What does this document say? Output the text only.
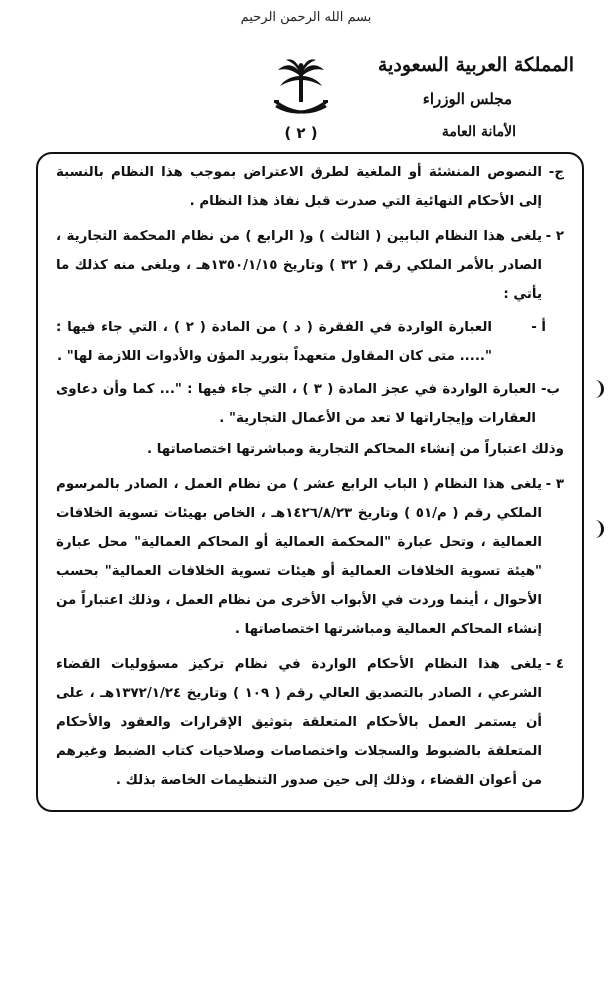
بسم الله الرحمن الرحيم
المملكة العربية السعودية
مجلس الوزراء
الأمانة العامة
( ٢ )
ج-
النصوص المنشئة أو الملغية لطرق الاعتراض بموجب هذا النظام بالنسبة إلى الأحكام النهائية التي صدرت قبل نفاذ هذا النظام .
٢ -
يلغى هذا النظام البابين ( الثالث ) و( الرابع ) من نظام المحكمة التجارية ، الصادر بالأمر الملكي رقم ( ٣٢ ) وتاريخ ١٣٥٠/١/١٥هـ ، ويلغى منه كذلك ما يأتي :
أ -
العبارة الواردة في الفقرة ( د ) من المادة ( ٢ ) ، التي جاء فيها : "..... متى كان المقاول متعهداً بتوريد المؤن والأدوات اللازمة لها" .
ب-
العبارة الواردة في عجز المادة ( ٣ ) ، التي جاء فيها : "... كما وأن دعاوى العقارات وإيجاراتها لا تعد من الأعمال التجارية" .
وذلك اعتباراً من إنشاء المحاكم التجارية ومباشرتها اختصاصاتها .
٣ -
يلغى هذا النظام ( الباب الرابع عشر ) من نظام العمل ، الصادر بالمرسوم الملكي رقم ( م/٥١ ) وتاريخ ١٤٢٦/٨/٢٣هـ ، الخاص بهيئات تسوية الخلافات العمالية ، وتحل عبارة "المحكمة العمالية أو المحاكم العمالية" محل عبارة "هيئة تسوية الخلافات العمالية أو هيئات تسوية الخلافات العمالية" بحسب الأحوال ، أينما وردت في الأبواب الأخرى من نظام العمل ، وذلك اعتباراً من إنشاء المحاكم العمالية ومباشرتها اختصاصاتها .
٤ -
يلغى هذا النظام الأحكام الواردة في نظام تركيز مسؤوليات القضاء الشرعي ، الصادر بالتصديق العالي رقم ( ١٠٩ ) وتاريخ ١٣٧٢/١/٢٤هـ ، على أن يستمر العمل بالأحكام المتعلقة بتوثيق الإقرارات والعقود والأحكام المتعلقة بالضبوط والسجلات واختصاصات وصلاحيات كتاب الضبط وغيرهم من أعوان القضاء ، وذلك إلى حين صدور التنظيمات الخاصة بذلك .
